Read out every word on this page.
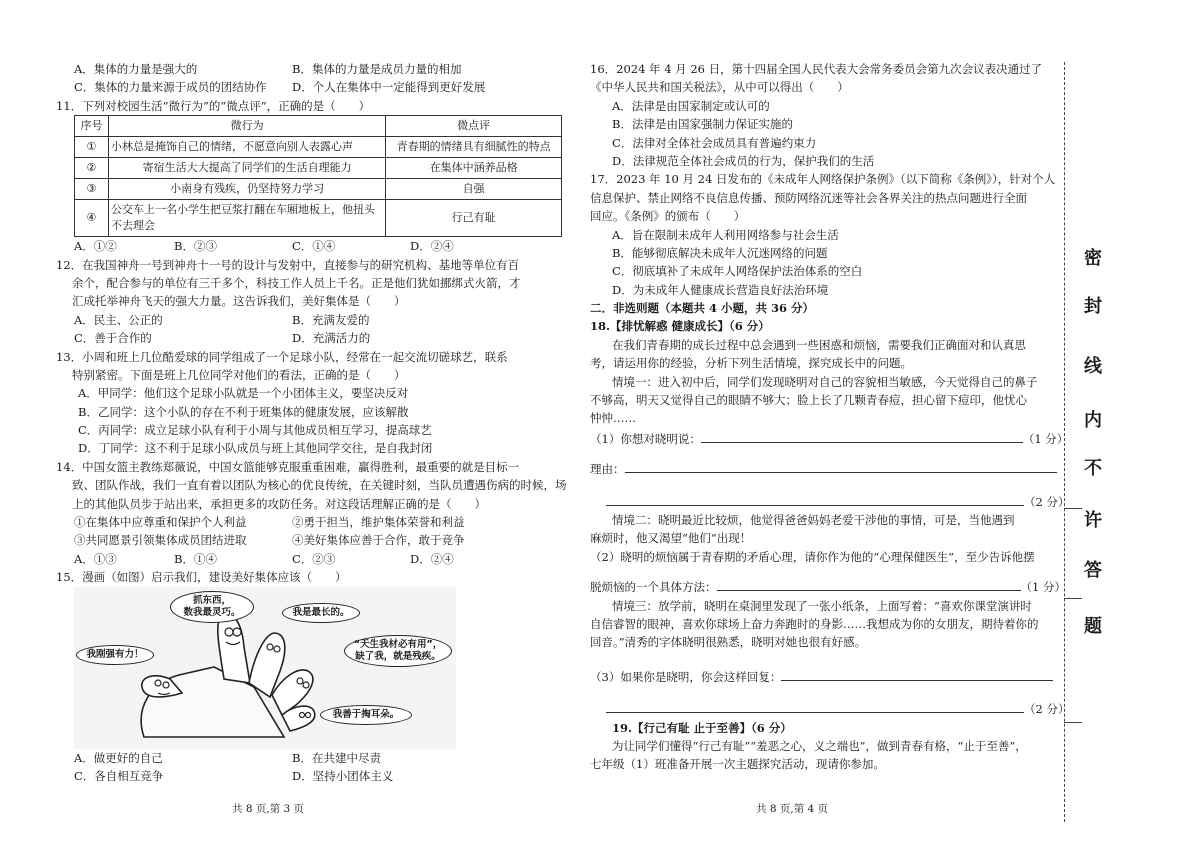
A．集体的力量是强大的	B．集体的力量是成员力量的相加
C．集体的力量来源于成员的团结协作	D．个人在集体中一定能得到更好发展
11．下列对校园生活“微行为”的“微点评”，正确的是（　　）
序号	微行为	微点评
①	小林总是掩饰自己的情绪，不愿意向别人表露心声	青春期的情绪具有细腻性的特点
②	寄宿生活大大提高了同学们的生活自理能力	在集体中涵养品格
③	小南身有残疾，仍坚持努力学习	自强
④	公交车上一名小学生把豆浆打翻在车厢地板上，他扭头不去理会	行己有耻
A．①②	B．②③	C．①④	D．②④
12．在我国神舟一号到神舟十一号的设计与发射中，直接参与的研究机构、基地等单位有百
余个，配合参与的单位有三千多个，科技工作人员上千名。正是他们犹如挪绑式火箭，才
汇成托举神舟飞天的强大力量。这告诉我们，美好集体是（　　）
A．民主、公正的	B．充满友爱的
C．善于合作的	D．充满活力的
13．小周和班上几位酷爱球的同学组成了一个足球小队，经常在一起交流切磋球艺，联系
特别紧密。下面是班上几位同学对他们的看法，正确的是（　　）
A．甲同学：他们这个足球小队就是一个小团体主义，要坚决反对
B．乙同学：这个小队的存在不利于班集体的健康发展，应该解散
C．丙同学：成立足球小队有利于小周与其他成员相互学习，提高球艺
D．丁同学：这不利于足球小队成员与班上其他同学交往，是自我封闭
14．中国女篮主教练郑薇说，中国女篮能够克服重重困难，赢得胜利，最重要的就是目标一
致、团队作战，我们一直有着以团队为核心的优良传统，在关键时刻，当队员遭遇伤病的时候，场
上的其他队员步于站出来，承担更多的攻防任务。对这段话理解正确的是（　　）
①在集体中应尊重和保护个人利益	②勇于担当，维护集体荣誉和利益
③共同愿景引领集体成员团结进取	④美好集体应善于合作，敢于竞争
A．①③	B．①④	C．②③	D．②④
15．漫画（如图）启示我们，建设美好集体应该（　　）
抓东西，
数我最灵巧。	我是最长的。
“天生我材必有用”，
缺了我，就是残疾。
我刚强有力！
我善于掏耳朵。
A．做更好的自己	B．在共建中尽责
C．各自相互竞争	D．坚持小团体主义
共 8 页,第 3 页
16．2024 年 4 月 26 日，第十四届全国人民代表大会常务委员会第九次会议表决通过了
《中华人民共和国关税法》，从中可以得出（　　）
A．法律是由国家制定或认可的
B．法律是由国家强制力保证实施的
C．法律对全体社会成员具有普遍约束力
D．法律规范全体社会成员的行为，保护我们的生活
17．2023 年 10 月 24 日发布的《未成年人网络保护条例》（以下简称《条例》），针对个人
信息保护、禁止网络不良信息传播、预防网络沉迷等社会各界关注的热点问题进行全面
回应。《条例》的颁布（　　）
A．旨在限制未成年人利用网络参与社会生活
B．能够彻底解决未成年人沉迷网络的问题
C．彻底填补了未成年人网络保护法治体系的空白
D．为未成年人健康成长营造良好法治环境
二．非选则题（本题共 4 小题，共 36 分）
18.【排忧解惑 健康成长】（6 分）
在我们青春期的成长过程中总会遇到一些困惑和烦恼，需要我们正确面对和认真思
考，请运用你的经验，分析下列生活情境，探究成长中的问题。
情境一：进入初中后，同学们发现晓明对自己的容貌相当敏感，今天觉得自己的鼻子
不够高，明天又觉得自己的眼睛不够大；脸上长了几颗青春痘，担心留下痘印，他忧心
忡忡……
（1）你想对晓明说：	（1 分）
理由：
（2 分）
情境二：晓明最近比较烦，他觉得爸爸妈妈老爱干涉他的事情，可是，当他遇到
麻烦时，他又渴望“他们“出现！
（2）晓明的烦恼属于青春期的矛盾心理，请你作为他的“心理保健医生”，至少告诉他摆
脱烦恼的一个具体方法：	（1 分）
情境三：放学前，晓明在桌洞里发现了一张小纸条，上面写着：“喜欢你课堂演讲时
自信睿智的眼神，喜欢你球场上奋力奔跑时的身影……我想成为你的女朋友，期待着你的
回音。”清秀的字体晓明很熟悉，晓明对她也很有好感。
（3）如果你是晓明，你会这样回复：
（2 分）
19.【行己有耻 止于至善】（6 分）
为让同学们懂得“行己有耻”“羞恶之心，义之端也”，做到青春有格，“止于至善”，
七年级（1）班准备开展一次主题探究活动，现请你参加。
共 8 页,第 4 页
密
封
线
内
不
许
答
题
